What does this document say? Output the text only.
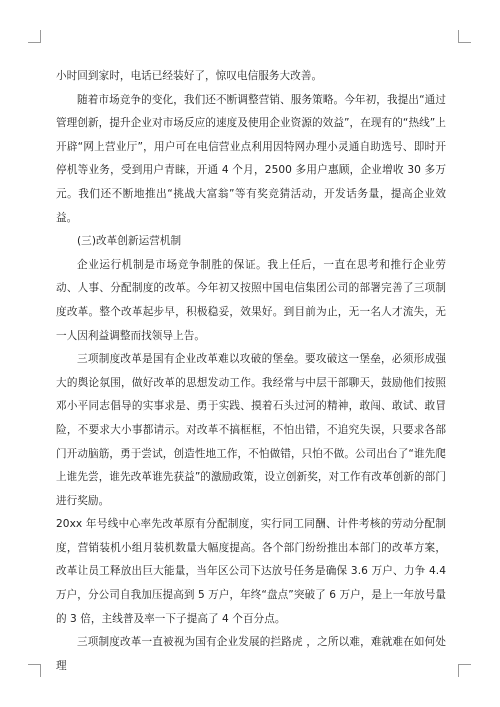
小时回到家时，电话已经装好了，惊叹电信服务大改善。

随着市场竞争的变化，我们还不断调整营销、服务策略。今年初，我提出“通过管理创新，提升企业对市场反应的速度及使用企业资源的效益”，在现有的“热线”上开辟“网上营业厅”，用户可在电信营业点利用因特网办理小灵通自助选号、即时开停机等业务，受到用户青睐，开通 4 个月，2500 多用户惠顾，企业增收 30 多万元。我们还不断地推出“挑战大富翁”等有奖竞猜活动，开发话务量，提高企业效益。

(三)改革创新运营机制

企业运行机制是市场竞争制胜的保证。我上任后，一直在思考和推行企业劳动、人事、分配制度的改革。今年初又按照中国电信集团公司的部署完善了三项制度改革。整个改革起步早，积极稳妥，效果好。到目前为止，无一名人才流失，无一人因利益调整而找领导上告。

三项制度改革是国有企业改革难以攻破的堡垒。要攻破这一堡垒，必须形成强大的舆论氛围，做好改革的思想发动工作。我经常与中层干部聊天，鼓励他们按照邓小平同志倡导的实事求是、勇于实践、摸着石头过河的精神，敢闯、敢试、敢冒险，不要求大小事都请示。对改革不搞框框，不怕出错，不追究失误，只要求各部门开动脑筋，勇于尝试，创造性地工作，不怕做错，只怕不做。公司出台了“谁先爬上谁先尝，谁先改革谁先获益”的激励政策，设立创新奖，对工作有改革创新的部门进行奖励。

20xx 年号线中心率先改革原有分配制度，实行同工同酬、计件考核的劳动分配制度，营销装机小组月装机数量大幅度提高。各个部门纷纷推出本部门的改革方案，改革让员工释放出巨大能量，当年区公司下达放号任务是确保 3.6 万户、力争 4.4 万户，分公司自我加压提高到 5 万户，年终“盘点”突破了 6 万户，是上一年放号量的 3 倍，主线普及率一下子提高了 4 个百分点。

三项制度改革一直被视为国有企业发展的拦路虎 ，之所以难，难就难在如何处理
